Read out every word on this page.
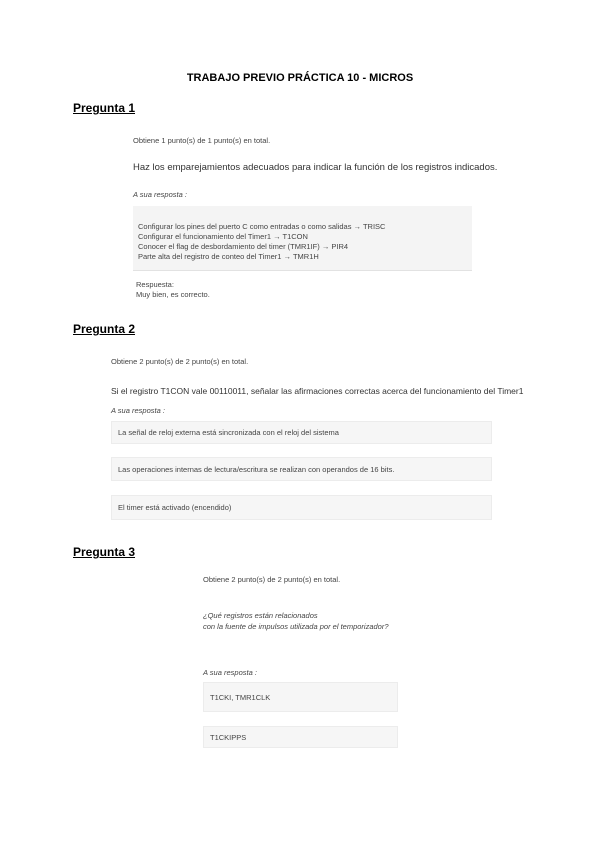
TRABAJO PREVIO PRÁCTICA 10 - MICROS
Pregunta 1
Obtiene 1 punto(s) de 1 punto(s) en total.
Haz los emparejamientos adecuados para indicar la función de los registros indicados.
A sua resposta :
Configurar los pines del puerto C como entradas o como salidas → TRISC
Configurar el funcionamiento del Timer1 → T1CON
Conocer el flag de desbordamiento del timer (TMR1IF) → PIR4
Parte alta del registro de conteo del Timer1 → TMR1H
Respuesta:
Muy bien, es correcto.
Pregunta 2
Obtiene 2 punto(s) de 2 punto(s) en total.
Si el registro T1CON vale 00110011, señalar las afirmaciones correctas acerca del funcionamiento del Timer1
A sua resposta :
La señal de reloj externa está sincronizada con el reloj del sistema
Las operaciones internas de lectura/escritura se realizan con operandos de 16 bits.
El timer está activado (encendido)
Pregunta 3
Obtiene 2 punto(s) de 2 punto(s) en total.
¿Qué registros están relacionados
con la fuente de impulsos utilizada por el temporizador?
A sua resposta :
T1CKI, TMR1CLK
T1CKIPPS
